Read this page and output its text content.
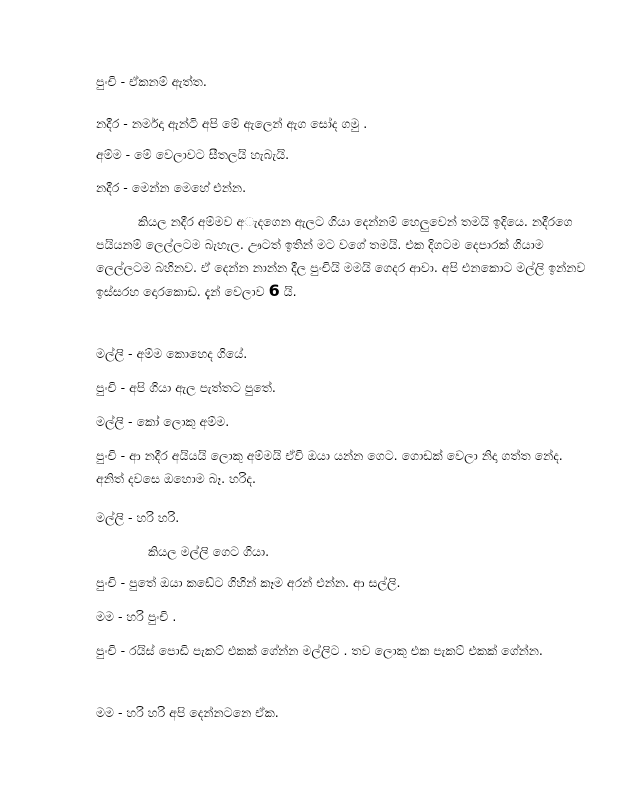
පුංචි - ඒකනම් ඇත්ත.
නදීර - නර්මදා ඇන්ටි අපි මේ ඇලෙන් ඇග සෝද ගමු .
අම්ම - මේ වෙලාවට සීතලයි හැබැයි.
නදීර - මෙන්න මෙහේ එන්න.
කියල නදීර අම්මව අැදගෙන ඇලට ගියා දෙන්නම් හෙලුවෙන් තමයි ඉදියෙ. නදීරගෙ පයියනම් ලෙල්ලටම බැහැල. ඌටත් ඉතින් මට වගේ තමයි. එක දිගටම දෙපාරක් ගියාම ලෙල්ලටම බහිනව. ඒ දෙන්න නාන්න දීල පුංචියි මමයි ගෙදර ආවා. අපි එනකොට මල්ලි ඉන්නව ඉස්සරහ දොරකොඩ. දැන් වෙලාව 6 යි.
මල්ලි - අම්ම කොහෙද ගියේ.
පුංචි - අපි ගියා ඇල පැත්තට පුතේ.
මල්ලි - කෝ ලොකු අම්ම.
පුංචි - ආ නදීර අයියයි ලොකු අම්මයි ඒවි ඔයා යන්න ගෙට. ගොඩක් වෙලා නිදා ගත්ත නේද. අනිත් දවසෙ ඔහොම බෑ. හරිද.
මල්ලි - හරි හරි.
කියල මල්ලි ගෙට ගියා.
පුංචි - පුතේ ඔයා කඩේට ගිහින් කෑම අරන් එන්න. ආ සල්ලි.
මම - හරි පුංචි .
පුංචි - රයිස් පොඩි පැකට් එකක් ගේන්න මල්ලිට . තව ලොකු එක පැකට් එකක් ගේන්න.
මම - හරි හරි අපි දෙන්නටනෙ ඒක.
